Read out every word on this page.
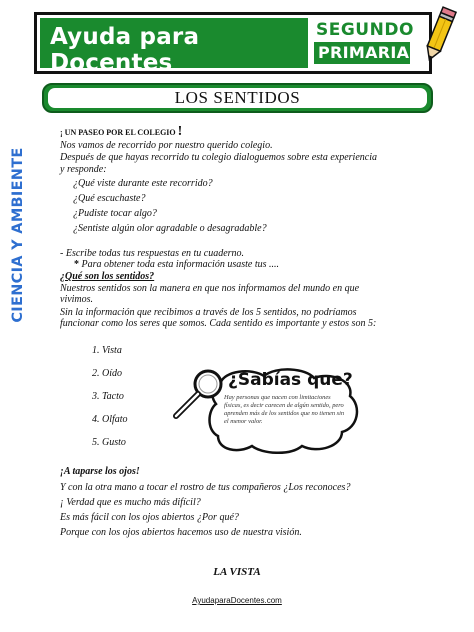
Ayuda para Docentes
SEGUNDO
PRIMARIA
LOS SENTIDOS
CIENCIA Y AMBIENTE
¡ UN PASEO POR EL COLEGIO !
Nos vamos de recorrido por nuestro querido colegio.
Después de que hayas recorrido tu colegio dialoguemos sobre esta experiencia
y responde:
¿Qué viste durante este recorrido?
¿Qué escuchaste?
¿Pudiste tocar algo?
¿Sentiste algún olor agradable o desagradable?
- Escribe todas tus respuestas en tu cuaderno.
* Para obtener toda esta información usaste tus ....
¿Qué son los sentidos?
Nuestros sentidos son la manera en que nos informamos del mundo en que
vivimos.
Sin la información que recibimos a través de los 5 sentidos, no podríamos
funcionar como los seres que somos. Cada sentido es importante y estos son 5:
1. Vista
2. Oído
3. Tacto
4. Olfato
5. Gusto
¿Sabías que?
Hay personas que nacen con limitaciones físicas, es decir carecen de algún sentido, pero aprenden más de los sentidos que no tienen sin el menor valor.
¡A taparse los ojos!
Y con la otra mano a tocar el rostro de tus compañeros ¿Los reconoces?
¡ Verdad que es mucho más difícil?
Es más fácil con los ojos abiertos ¿Por qué?
Porque con los ojos abiertos hacemos uso de nuestra visión.
LA VISTA
AyudaparaDocentes.com
